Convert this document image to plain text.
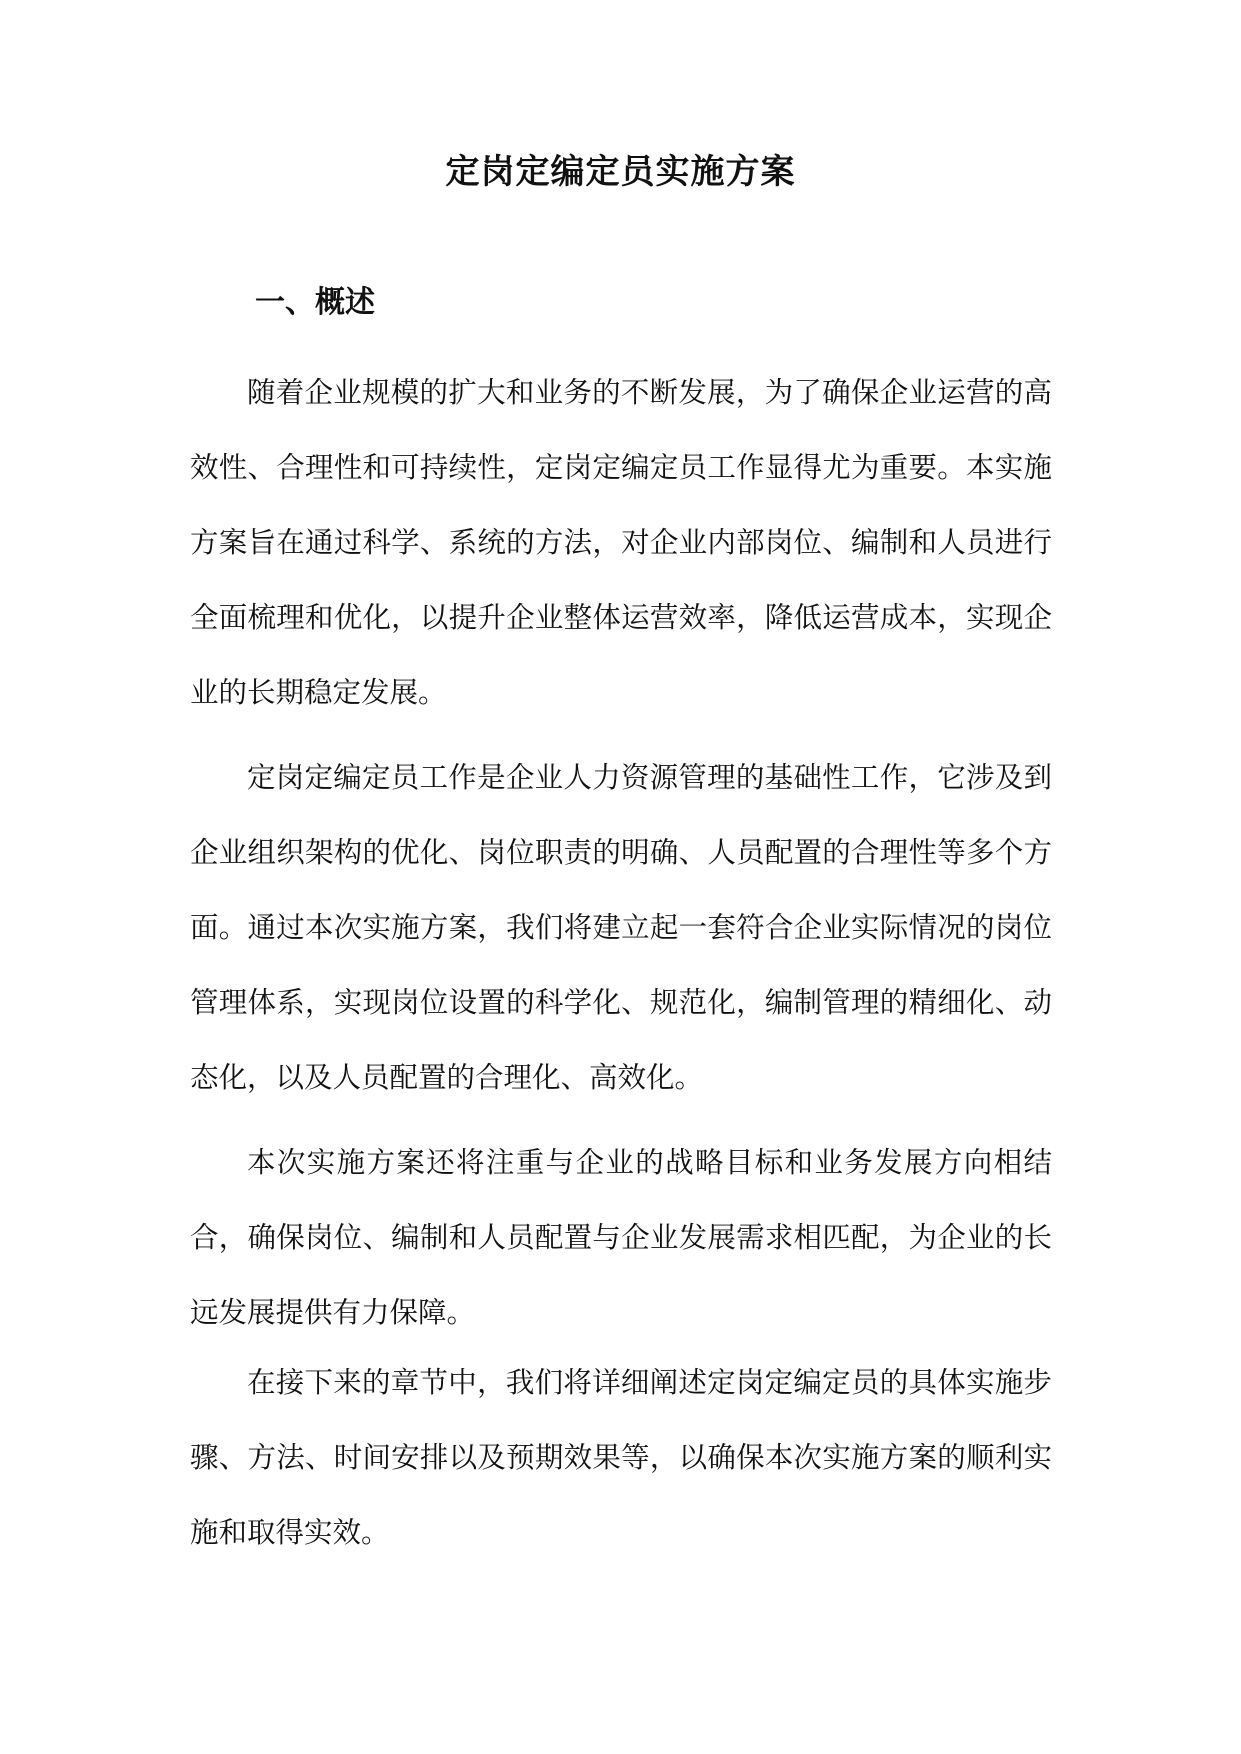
定岗定编定员实施方案
一、概述

随着企业规模的扩大和业务的不断发展，为了确保企业运营的高效性、合理性和可持续性，定岗定编定员工作显得尤为重要。本实施方案旨在通过科学、系统的方法，对企业内部岗位、编制和人员进行全面梳理和优化，以提升企业整体运营效率，降低运营成本，实现企业的长期稳定发展。

定岗定编定员工作是企业人力资源管理的基础性工作，它涉及到企业组织架构的优化、岗位职责的明确、人员配置的合理性等多个方面。通过本次实施方案，我们将建立起一套符合企业实际情况的岗位管理体系，实现岗位设置的科学化、规范化，编制管理的精细化、动态化，以及人员配置的合理化、高效化。

本次实施方案还将注重与企业的战略目标和业务发展方向相结合，确保岗位、编制和人员配置与企业发展需求相匹配，为企业的长远发展提供有力保障。

在接下来的章节中，我们将详细阐述定岗定编定员的具体实施步骤、方法、时间安排以及预期效果等，以确保本次实施方案的顺利实施和取得实效。
